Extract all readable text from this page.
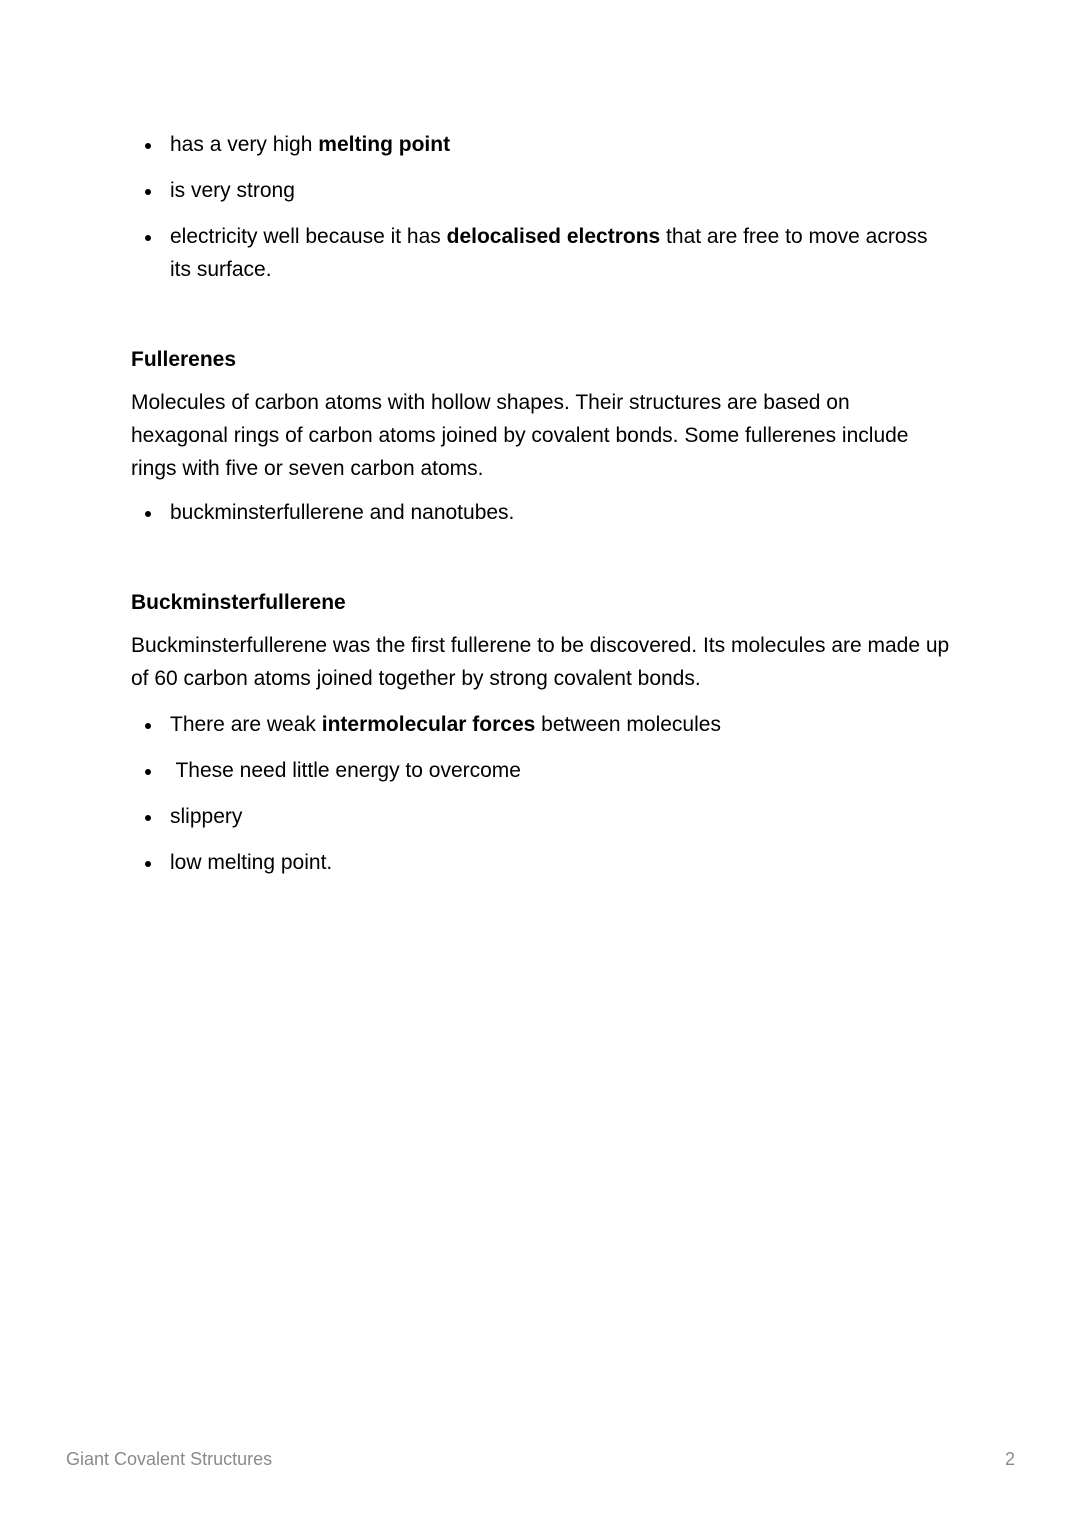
has a very high melting point
is very strong
electricity well because it has delocalised electrons that are free to move across its surface.

Fullerenes

Molecules of carbon atoms with hollow shapes. Their structures are based on hexagonal rings of carbon atoms joined by covalent bonds. Some fullerenes include rings with five or seven carbon atoms.

buckminsterfullerene and nanotubes.

Buckminsterfullerene

Buckminsterfullerene was the first fullerene to be discovered. Its molecules are made up of 60 carbon atoms joined together by strong covalent bonds.

There are weak intermolecular forces between molecules
These need little energy to overcome
slippery
low melting point.
Giant Covalent Structures	2
